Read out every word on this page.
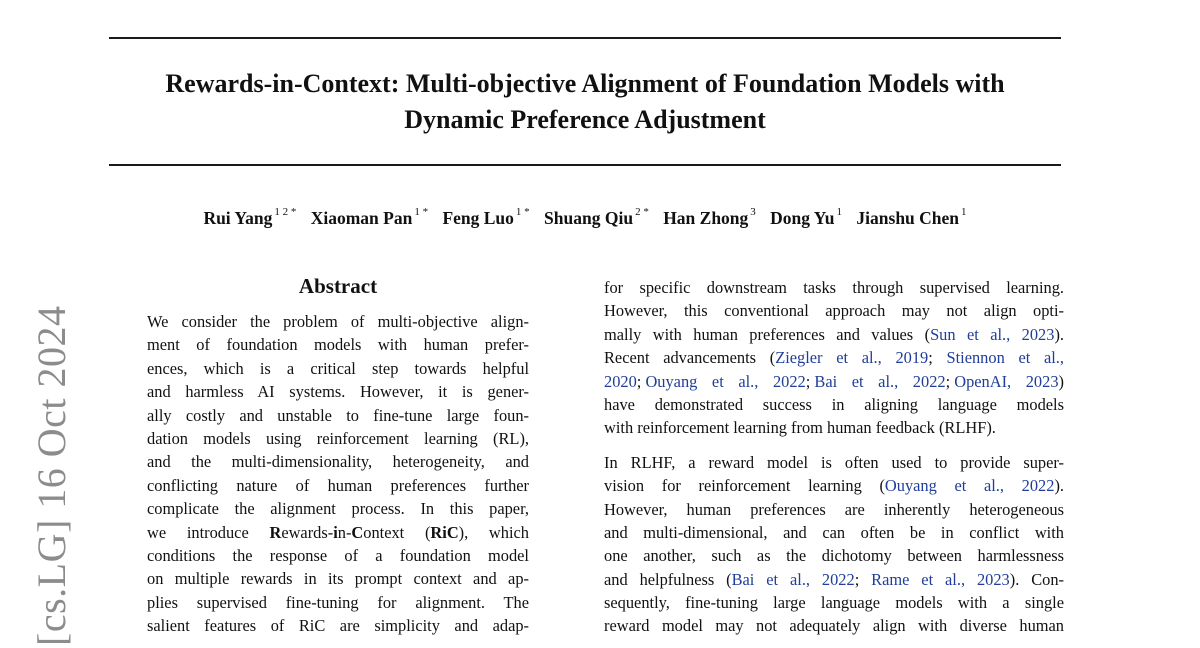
Rewards-in-Context: Multi-objective Alignment of Foundation Models with
Dynamic Preference Adjustment
Rui Yang $^{1 2 *}$ Xiaoman Pan $^{1 *}$ Feng Luo $^{1 *}$ Shuang Qiu $^{2 *}$ Han Zhong $^3$ Dong Yu $^1$ Jianshu Chen $^1$
[cs.LG] 16 Oct 2024
Abstract
We consider the problem of multi-objective align-
ment of foundation models with human prefer-
ences, which is a critical step towards helpful
and harmless AI systems. However, it is gener-
ally costly and unstable to fine-tune large foun-
dation models using reinforcement learning (RL),
and the multi-dimensionality, heterogeneity, and
conflicting nature of human preferences further
complicate the alignment process. In this paper,
we introduce Rewards-in-Context (RiC), which
conditions the response of a foundation model
on multiple rewards in its prompt context and ap-
plies supervised fine-tuning for alignment. The
salient features of RiC are simplicity and adap-
for specific downstream tasks through supervised learning.
However, this conventional approach may not align opti-
mally with human preferences and values (Sun et al., 2023).
Recent advancements (Ziegler et al., 2019; Stiennon et al.,
2020; Ouyang et al., 2022; Bai et al., 2022; OpenAI, 2023)
have demonstrated success in aligning language models
with reinforcement learning from human feedback (RLHF).
In RLHF, a reward model is often used to provide super-
vision for reinforcement learning (Ouyang et al., 2022).
However, human preferences are inherently heterogeneous
and multi-dimensional, and can often be in conflict with
one another, such as the dichotomy between harmlessness
and helpfulness (Bai et al., 2022; Rame et al., 2023). Con-
sequently, fine-tuning large language models with a single
reward model may not adequately align with diverse human
